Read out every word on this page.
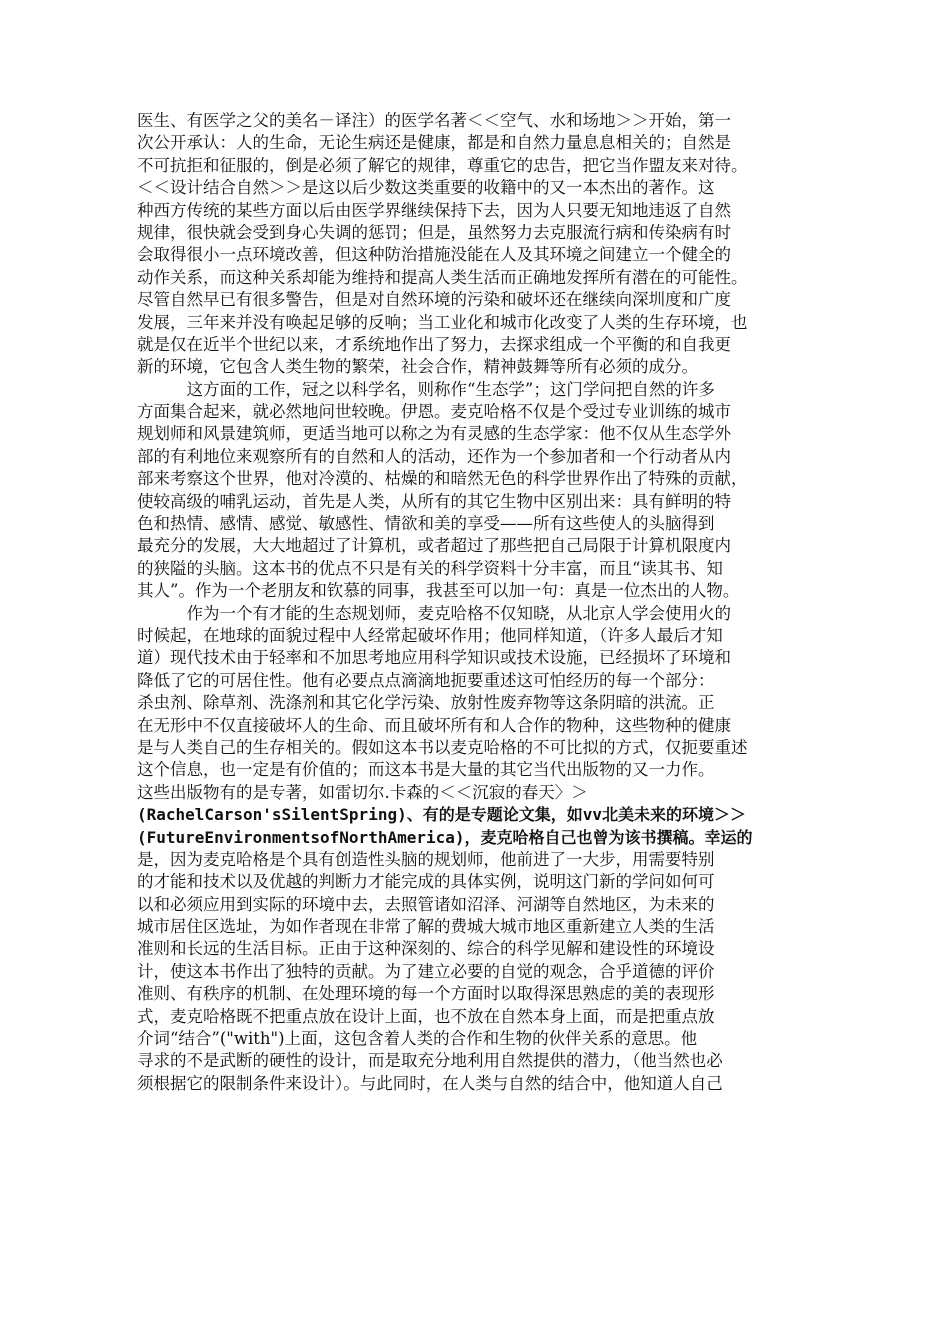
医生、有医学之父的美名－译注）的医学名著＜＜空气、水和场地＞＞开始，第一
次公开承认：人的生命，无论生病还是健康，都是和自然力量息息相关的；自然是
不可抗拒和征服的，倒是必须了解它的规律，尊重它的忠告，把它当作盟友来对待。
＜＜设计结合自然＞＞是这以后少数这类重要的收籍中的又一本杰出的著作。这
种西方传统的某些方面以后由医学界继续保持下去，因为人只要无知地违返了自然
规律，很快就会受到身心失调的惩罚；但是，虽然努力去克服流行病和传染病有时
会取得很小一点环境改善，但这种防治措施没能在人及其环境之间建立一个健全的
动作关系，而这种关系却能为维持和提高人类生活而正确地发挥所有潜在的可能性。
尽管自然早已有很多警告，但是对自然环境的污染和破坏还在继续向深圳度和广度
发展，三年来并没有唤起足够的反响；当工业化和城市化改变了人类的生存环境，也
就是仅在近半个世纪以来，才系统地作出了努力，去探求组成一个平衡的和自我更
新的环境，它包含人类生物的繁荣，社会合作，精神鼓舞等所有必须的成分。
　　　这方面的工作，冠之以科学名，则称作“生态学”；这门学问把自然的许多
方面集合起来，就必然地问世较晚。伊恩。麦克哈格不仅是个受过专业训练的城市
规划师和风景建筑师，更适当地可以称之为有灵感的生态学家：他不仅从生态学外
部的有利地位来观察所有的自然和人的活动，还作为一个参加者和一个行动者从内
部来考察这个世界，他对冷漠的、枯燥的和暗然无色的科学世界作出了特殊的贡献，
使较高级的哺乳运动，首先是人类，从所有的其它生物中区别出来：具有鲜明的特
色和热情、感情、感觉、敏感性、情欲和美的享受——所有这些使人的头脑得到
最充分的发展，大大地超过了计算机，或者超过了那些把自己局限于计算机限度内
的狭隘的头脑。这本书的优点不只是有关的科学资料十分丰富，而且“读其书、知
其人”。作为一个老朋友和钦慕的同事，我甚至可以加一句：真是一位杰出的人物。
　　　作为一个有才能的生态规划师，麦克哈格不仅知晓，从北京人学会使用火的
时候起，在地球的面貌过程中人经常起破坏作用；他同样知道，（许多人最后才知
道）现代技术由于轻率和不加思考地应用科学知识或技术设施，已经损坏了环境和
降低了它的可居住性。他有必要点点滴滴地扼要重述这可怕经历的每一个部分：
杀虫剂、除草剂、洗涤剂和其它化学污染、放射性废弃物等这条阴暗的洪流。正
在无形中不仅直接破坏人的生命、而且破坏所有和人合作的物种，这些物种的健康
是与人类自己的生存相关的。假如这本书以麦克哈格的不可比拟的方式，仅扼要重述
这个信息，也一定是有价值的；而这本书是大量的其它当代出版物的又一力作。
这些出版物有的是专著，如雷切尔.卡森的＜＜沉寂的春天〉＞
(RachelCarson'sSilentSpring)、有的是专题论文集，如vv北美未来的环境＞＞
(FutureEnvironmentsofNorthAmerica)，麦克哈格自己也曾为该书撰稿。幸运的
是，因为麦克哈格是个具有创造性头脑的规划师，他前进了一大步，用需要特别
的才能和技术以及优越的判断力才能完成的具体实例，说明这门新的学问如何可
以和必须应用到实际的环境中去，去照管诸如沼泽、河湖等自然地区，为未来的
城市居住区选址，为如作者现在非常了解的费城大城市地区重新建立人类的生活
准则和长远的生活目标。正由于这种深刻的、综合的科学见解和建设性的环境设
计，使这本书作出了独特的贡献。为了建立必要的自觉的观念，合乎道德的评价
准则、有秩序的机制、在处理环境的每一个方面时以取得深思熟虑的美的表现形
式，麦克哈格既不把重点放在设计上面，也不放在自然本身上面，而是把重点放
介词“结合”("with")上面，这包含着人类的合作和生物的伙伴关系的意思。他
寻求的不是武断的硬性的设计，而是取充分地利用自然提供的潜力，（他当然也必
须根据它的限制条件来设计）。与此同时，在人类与自然的结合中，他知道人自己
